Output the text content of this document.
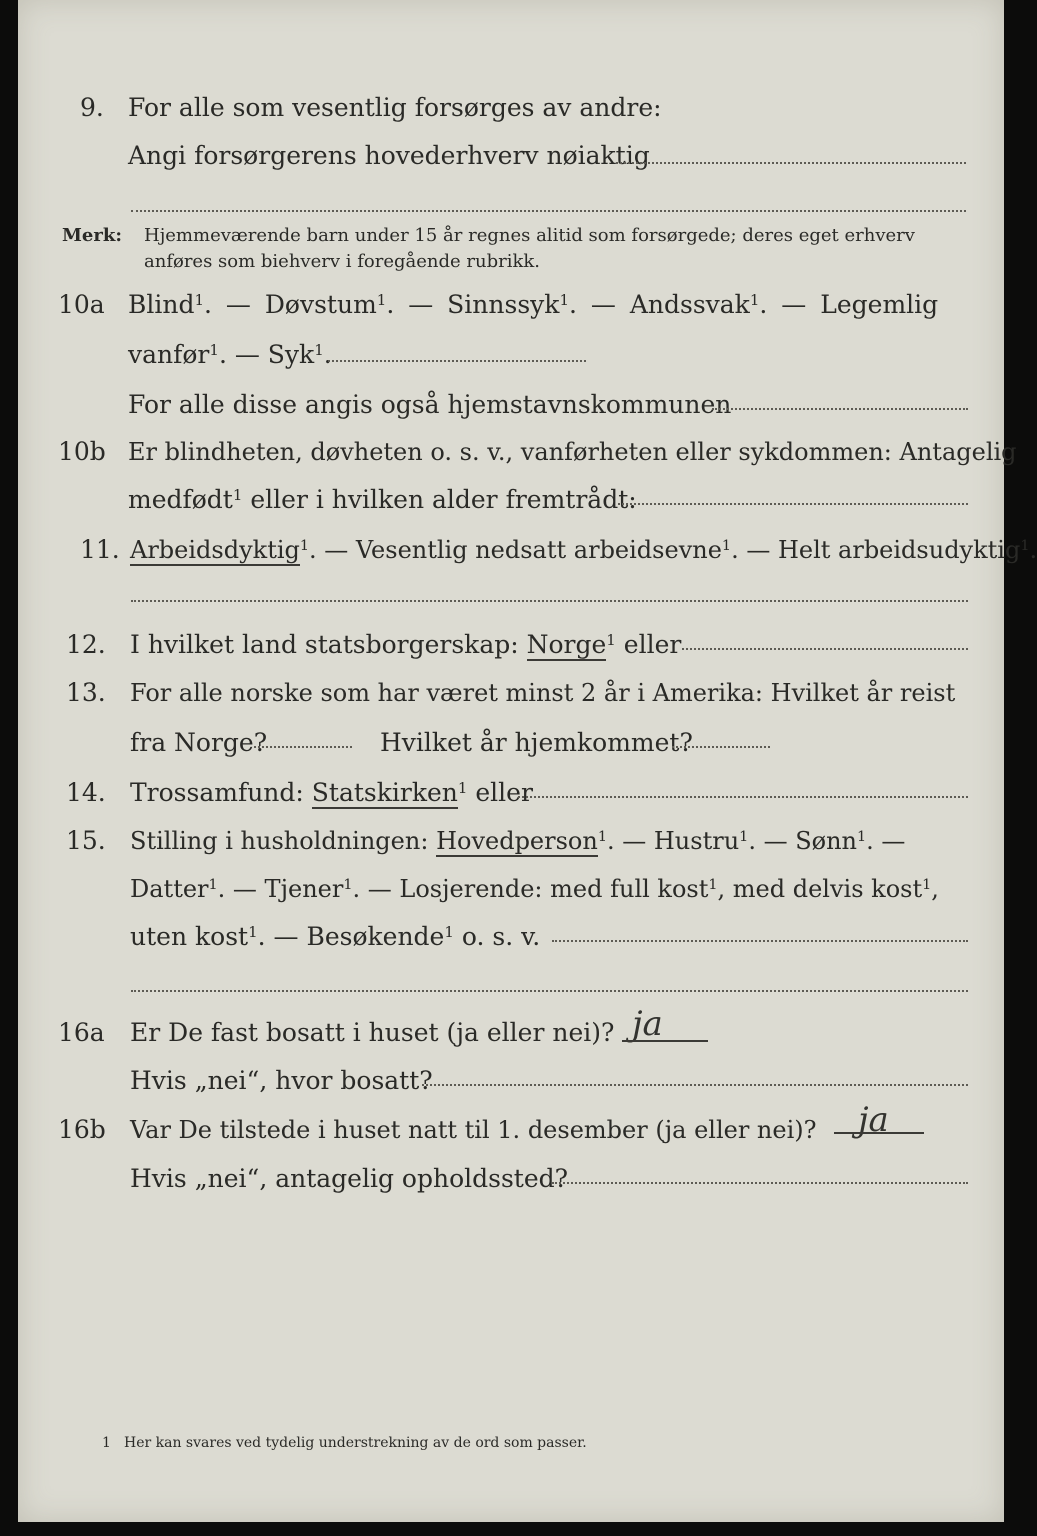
9. For alle som vesentlig forsørges av andre:
Angi forsørgerens hovederhverv nøiaktig
Merk: Hjemmeværende barn under 15 år regnes alitid som forsørgede; deres eget erhverv
anføres som biehverv i foregående rubrikk.
10a Blind$^1$. — Døvstum$^1$. — Sinnssyk$^1$. — Andssvak$^1$. — Legemlig
vanfør$^1$. — Syk$^1$.
For alle disse angis også hjemstavnskommunen
10b Er blindheten, døvheten o. s. v., vanførheten eller sykdommen: Antagelig
medfødt$^1$ eller i hvilken alder fremtrådt:
11. Arbeidsdyktig$^1$. — Vesentlig nedsatt arbeidsevne$^1$. — Helt arbeidsudyktig$^1$.
12. I hvilket land statsborgerskap: Norge$^1$ eller
13. For alle norske som har været minst 2 år i Amerika: Hvilket år reist
fra Norge?	Hvilket år hjemkommet?
14. Trossamfund: Statskirken$^1$ eller
15. Stilling i husholdningen: Hovedperson$^1$. — Hustru$^1$. — Sønn$^1$. —
Datter$^1$. — Tjener$^1$. — Losjerende: med full kost$^1$, med delvis kost$^1$,
uten kost$^1$. — Besøkende$^1$ o. s. v.
16a Er De fast bosatt i huset (ja eller nei)? ja
Hvis „nei“, hvor bosatt?
16b Var De tilstede i huset natt til 1. desember (ja eller nei)? ja
Hvis „nei“, antagelig opholdssted?
1 Her kan svares ved tydelig understrekning av de ord som passer.
